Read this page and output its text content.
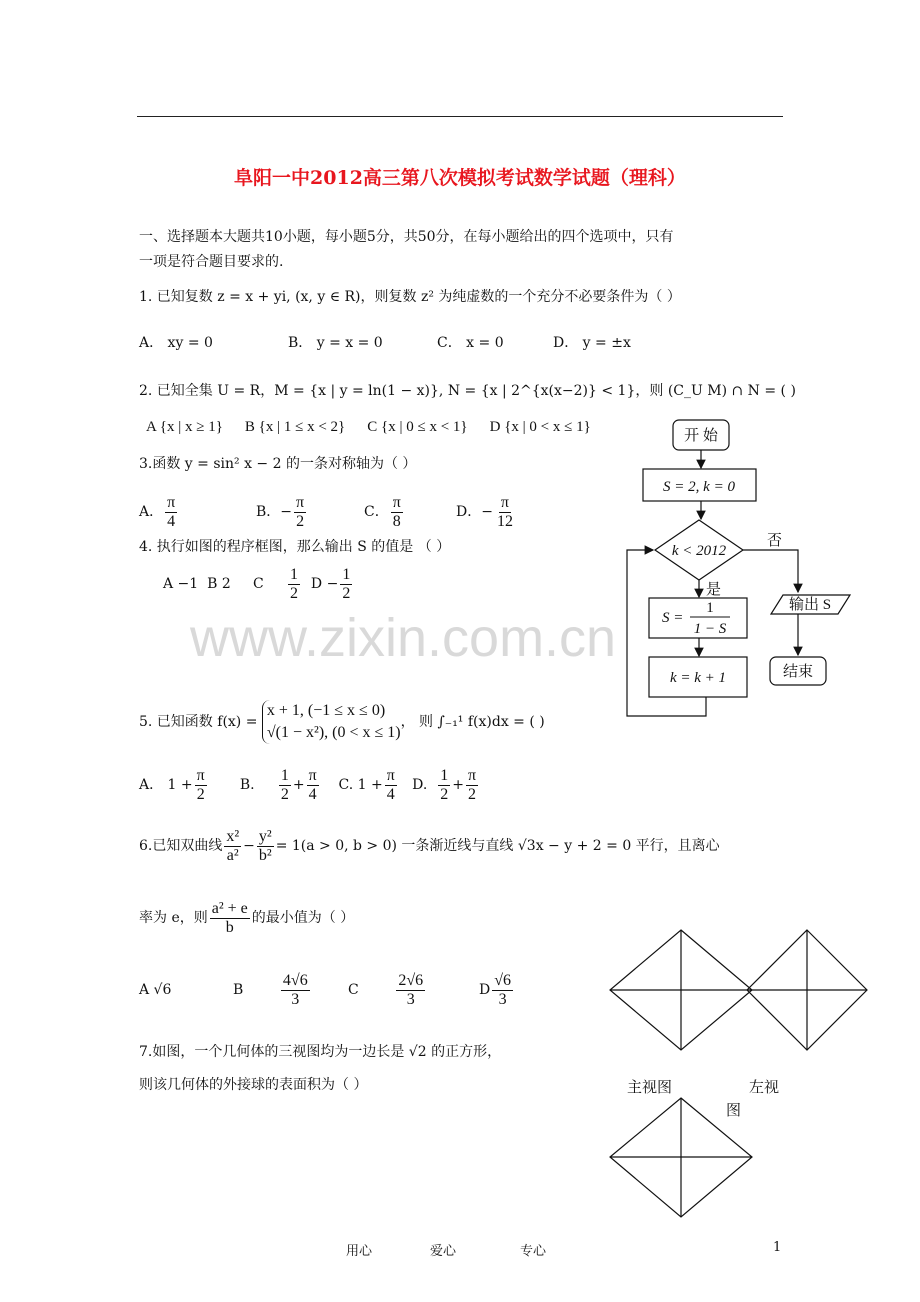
阜阳一中2012高三第八次模拟考试数学试题（理科）
一、选择题本大题共10小题，每小题5分，共50分，在每小题给出的四个选项中，只有
一项是符合题目要求的.
1. 已知复数 z = x + yi, (x, y ∈ R)，则复数 z² 为纯虚数的一个充分不必要条件为（ ）
A． xy = 0	B． y = x = 0	C． x = 0	D． y = ±x
2. 已知全集 U = R，M = {x | y = ln(1 − x)}, N = {x | 2^{x(x−2)} < 1}，则 (C_U M) ∩ N = ( )
A {x | x ≥ 1} B {x | 1 ≤ x < 2} C {x | 0 ≤ x < 1} D {x | 0 < x ≤ 1}
3.函数 y = sin² x − 2 的一条对称轴为（ ）
A． $\frac{\pi}{4}$	B．− $\frac{\pi}{2}$	C． $\frac{\pi}{8}$	D．− $\frac{\pi}{12}$
4. 执行如图的程序框图，那么输出 S 的值是 （ ）
A −1 B 2 C $\frac{1}{2}$ $D - \frac{1}{2}$
www.zixin.com.cn
5. 已知函数 f(x) =
x + 1, (−1 ≤ x ≤ 0)
√(1 − x²), (0 < x ≤ 1)
， 则 ∫₋₁¹ f(x)dx = ( )
A． $1 + \frac{\pi}{2} B$. $\frac{1}{2} + \frac{\pi}{4} C$. $1 + \frac{\pi}{4} D$. $\frac{1}{2} + \frac{\pi}{2}$
6.已知双曲线 $\frac{\text{x²}}{\text{a²}} - \frac{\text{y²}}{\text{b²}} = 1(a > 0$, b > 0) 一条渐近线与直线 √3x − y + 2 = 0 平行，且离心
率为 e，则 $\frac{\text{a² + e}}{b}$ 的最小值为（ ）
A √6	B $\frac{4√6}{3}$	C $\frac{2√6}{3}$	D $\frac{√6}{3}$
7.如图，一个几何体的三视图均为一边长是 √2 的正方形，
则该几何体的外接球的表面积为（ ）
开 始
S = 2, k = 0
k < 2012
否
是
S =
1
1 − S
k = k + 1
输出 S
结束
主视图	左视
图
用心	爱心	专心	1
